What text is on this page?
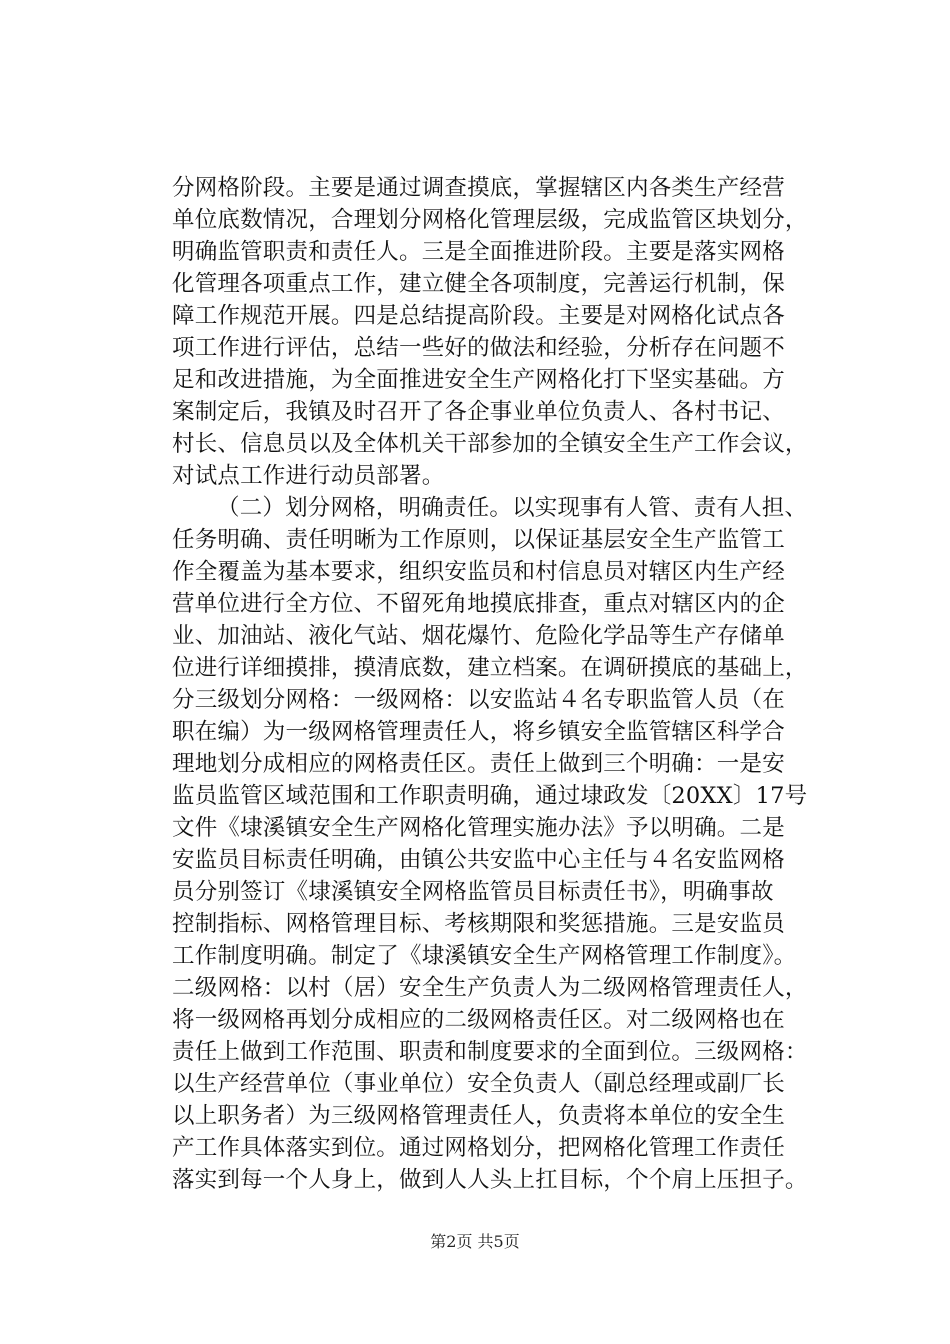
分网格阶段。主要是通过调查摸底，掌握辖区内各类生产经营
单位底数情况，合理划分网格化管理层级，完成监管区块划分，
明确监管职责和责任人。三是全面推进阶段。主要是落实网格
化管理各项重点工作，建立健全各项制度，完善运行机制，保
障工作规范开展。四是总结提高阶段。主要是对网格化试点各
项工作进行评估，总结一些好的做法和经验，分析存在问题不
足和改进措施，为全面推进安全生产网格化打下坚实基础。方
案制定后，我镇及时召开了各企事业单位负责人、各村书记、
村长、信息员以及全体机关干部参加的全镇安全生产工作会议，
对试点工作进行动员部署。
（二）划分网格，明确责任。以实现事有人管、责有人担、
任务明确、责任明晰为工作原则，以保证基层安全生产监管工
作全覆盖为基本要求，组织安监员和村信息员对辖区内生产经
营单位进行全方位、不留死角地摸底排查，重点对辖区内的企
业、加油站、液化气站、烟花爆竹、危险化学品等生产存储单
位进行详细摸排，摸清底数，建立档案。在调研摸底的基础上，
分三级划分网格：一级网格：以安监站４名专职监管人员（在
职在编）为一级网格管理责任人，将乡镇安全监管辖区科学合
理地划分成相应的网格责任区。责任上做到三个明确：一是安
监员监管区域范围和工作职责明确，通过埭政发〔20XX〕17号
文件《埭溪镇安全生产网格化管理实施办法》予以明确。二是
安监员目标责任明确，由镇公共安监中心主任与４名安监网格
员分别签订《埭溪镇安全网格监管员目标责任书》，明确事故
控制指标、网格管理目标、考核期限和奖惩措施。三是安监员
工作制度明确。制定了《埭溪镇安全生产网格管理工作制度》。
二级网格：以村（居）安全生产负责人为二级网格管理责任人，
将一级网格再划分成相应的二级网格责任区。对二级网格也在
责任上做到工作范围、职责和制度要求的全面到位。三级网格：
以生产经营单位（事业单位）安全负责人（副总经理或副厂长
以上职务者）为三级网格管理责任人，负责将本单位的安全生
产工作具体落实到位。通过网格划分，把网格化管理工作责任
落实到每一个人身上，做到人人头上扛目标，个个肩上压担子。
第2页 共5页
